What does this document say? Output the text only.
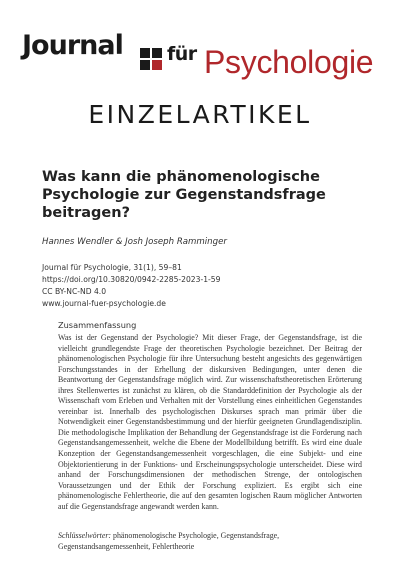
Journal für Psychologie
EINZELARTIKEL
Was kann die phänomenologische Psychologie zur Gegenstandsfrage beitragen?
Hannes Wendler & Josh Joseph Ramminger
Journal für Psychologie, 31(1), 59–81
https://doi.org/10.30820/0942-2285-2023-1-59
CC BY-NC-ND 4.0
www.journal-fuer-psychologie.de
Zusammenfassung

Was ist der Gegenstand der Psychologie? Mit dieser Frage, der Gegenstandsfrage, ist die vielleicht grundlegendste Frage der theoretischen Psychologie bezeichnet. Der Beitrag der phänomenologischen Psychologie für ihre Untersuchung besteht angesichts des gegenwärtigen Forschungsstandes in der Erhellung der diskursiven Bedingungen, unter denen die Beantwortung der Gegenstandsfrage möglich wird. Zur wissenschaftstheoretischen Erörterung ihres Stellenwertes ist zunächst zu klären, ob die Standarddefinition der Psychologie als der Wissenschaft vom Erleben und Verhalten mit der Vorstellung eines einheitlichen Gegenstandes vereinbar ist. Innerhalb des psychologischen Diskurses sprach man primär über die Notwendigkeit einer Gegenstandsbestimmung und der hierfür geeigneten Grundlagendisziplin. Die methodologische Implikation der Behandlung der Gegenstandsfrage ist die Forderung nach Gegenstandsangemessenheit, welche die Ebene der Modellbildung betrifft. Es wird eine duale Konzeption der Gegenstandsangemessenheit vorgeschlagen, die eine Subjekt- und eine Objektorientierung in der Funktions- und Erscheinungspsychologie unterscheidet. Diese wird anhand der Forschungsdimensionen der methodischen Strenge, der ontologischen Voraussetzungen und der Ethik der Forschung expliziert. Es ergibt sich eine phänomenologische Fehlertheorie, die auf den gesamten logischen Raum möglicher Antworten auf die Gegenstandsfrage angewandt werden kann.

Schlüsselwörter: phänomenologische Psychologie, Gegenstandsfrage, Gegenstandsangemessenheit, Fehlertheorie
